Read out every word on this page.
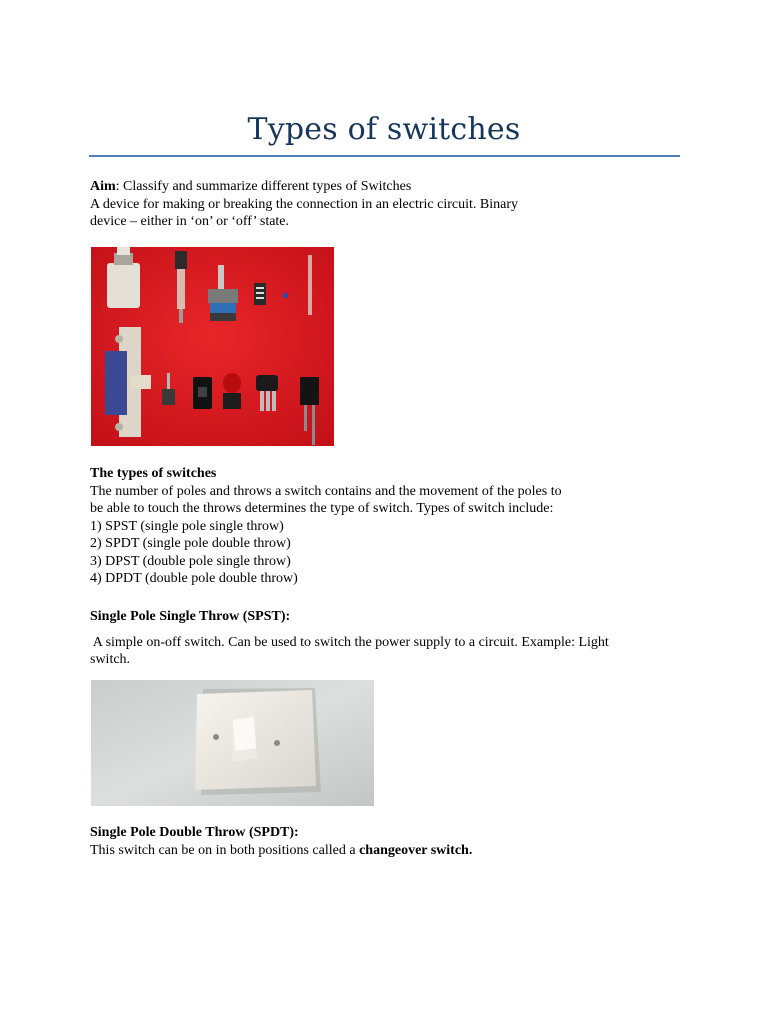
Types of switches
Aim: Classify and summarize different types of Switches
A device for making or breaking the connection in an electric circuit. Binary
device – either in ‘on’ or ‘off’ state.
The types of switches
The number of poles and throws a switch contains and the movement of the poles to
be able to touch the throws determines the type of switch. Types of switch include:
1) SPST (single pole single throw)
2) SPDT (single pole double throw)
3) DPST (double pole single throw)
4) DPDT (double pole double throw)
Single Pole Single Throw (SPST):
A simple on-off switch. Can be used to switch the power supply to a circuit. Example: Light
switch.
Single Pole Double Throw (SPDT):
This switch can be on in both positions called a changeover switch.
